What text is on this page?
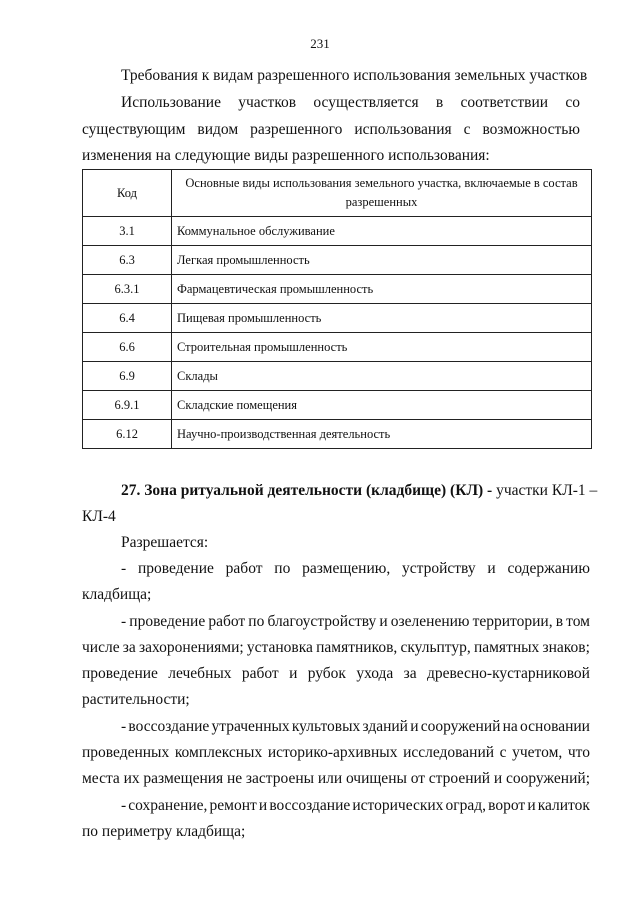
231
Требования к видам разрешенного использования земельных участков
Использование участков осуществляется в соответствии со
существующим видом разрешенного использования с возможностью
изменения на следующие виды разрешенного использования:
Код	Основные виды использования земельного участка, включаемые в состав разрешенных
3.1	Коммунальное обслуживание
6.3	Легкая промышленность
6.3.1	Фармацевтическая промышленность
6.4	Пищевая промышленность
6.6	Строительная промышленность
6.9	Склады
6.9.1	Складские помещения
6.12	Научно-производственная деятельность
27. Зона ритуальной деятельности (кладбище) (КЛ) - участки КЛ-1 –
КЛ-4
Разрешается:
- проведение работ по размещению, устройству и содержанию
кладбища;
- проведение работ по благоустройству и озеленению территории, в том
числе за захоронениями; установка памятников, скульптур, памятных знаков;
проведение лечебных работ и рубок ухода за древесно-кустарниковой
растительности;
- воссоздание утраченных культовых зданий и сооружений на основании
проведенных комплексных историко-архивных исследований с учетом, что
места их размещения не застроены или очищены от строений и сооружений;
- сохранение, ремонт и воссоздание исторических оград, ворот и калиток
по периметру кладбища;
